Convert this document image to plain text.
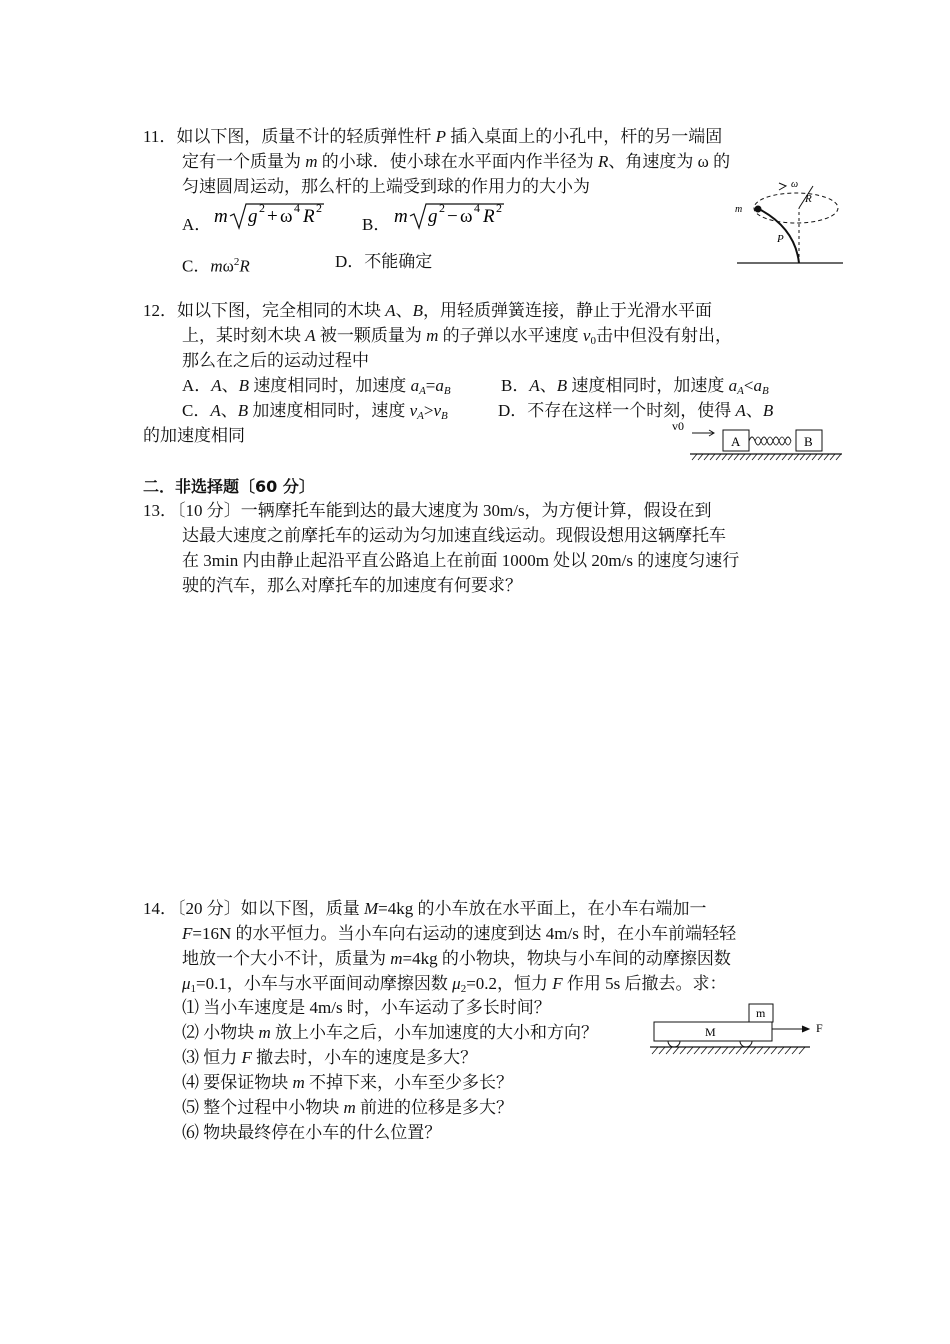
11．如以下图，质量不计的轻质弹性杆 P 插入桌面上的小孔中，杆的另一端固
定有一个质量为 m 的小球．使小球在水平面内作半径为 R、角速度为 ω 的
匀速圆周运动，那么杆的上端受到球的作用力的大小为
A． m g 2 + ω 4 R 2
B． m g 2 − ω 4 R 2
C．$m\omega^2R$	D．不能确定
ω
R
m
P
12．如以下图，完全相同的木块 A、B，用轻质弹簧连接，静止于光滑水平面
上，某时刻木块 A 被一颗质量为 m 的子弹以水平速度 $v_0$击中但没有射出，
那么在之后的运动过程中
A．A、B 速度相同时，加速度 $a_A=a_B$	B．A、B 速度相同时，加速度 $a_A<a_B$
C．A、B 加速度相同时，速度 $v_A>v_B$	D．不存在这样一个时刻，使得 A、B
的加速度相同	v0
A	B
二．非选择题〔60 分〕
13．〔10 分〕一辆摩托车能到达的最大速度为 30m/s，为方便计算，假设在到
达最大速度之前摩托车的运动为匀加速直线运动。现假设想用这辆摩托车
在 3min 内由静止起沿平直公路追上在前面 1000m 处以 20m/s 的速度匀速行
驶的汽车，那么对摩托车的加速度有何要求？
14．〔20 分〕如以下图，质量 M=4kg 的小车放在水平面上，在小车右端加一
F=16N 的水平恒力。当小车向右运动的速度到达 4m/s 时，在小车前端轻轻
地放一个大小不计，质量为 m=4kg 的小物块，物块与小车间的动摩擦因数
$\mu_1=0.1$，小车与水平面间动摩擦因数 $\mu_2=0.2$，恒力 F 作用 5s 后撤去。求：
⑴ 当小车速度是 4m/s 时，小车运动了多长时间？
⑵ 小物块 m 放上小车之后，小车加速度的大小和方向？
⑶ 恒力 F 撤去时，小车的速度是多大？
⑷ 要保证物块 m 不掉下来，小车至少多长？
⑸ 整个过程中小物块 m 前进的位移是多大？
⑹ 物块最终停在小车的什么位置？
m
M	F
